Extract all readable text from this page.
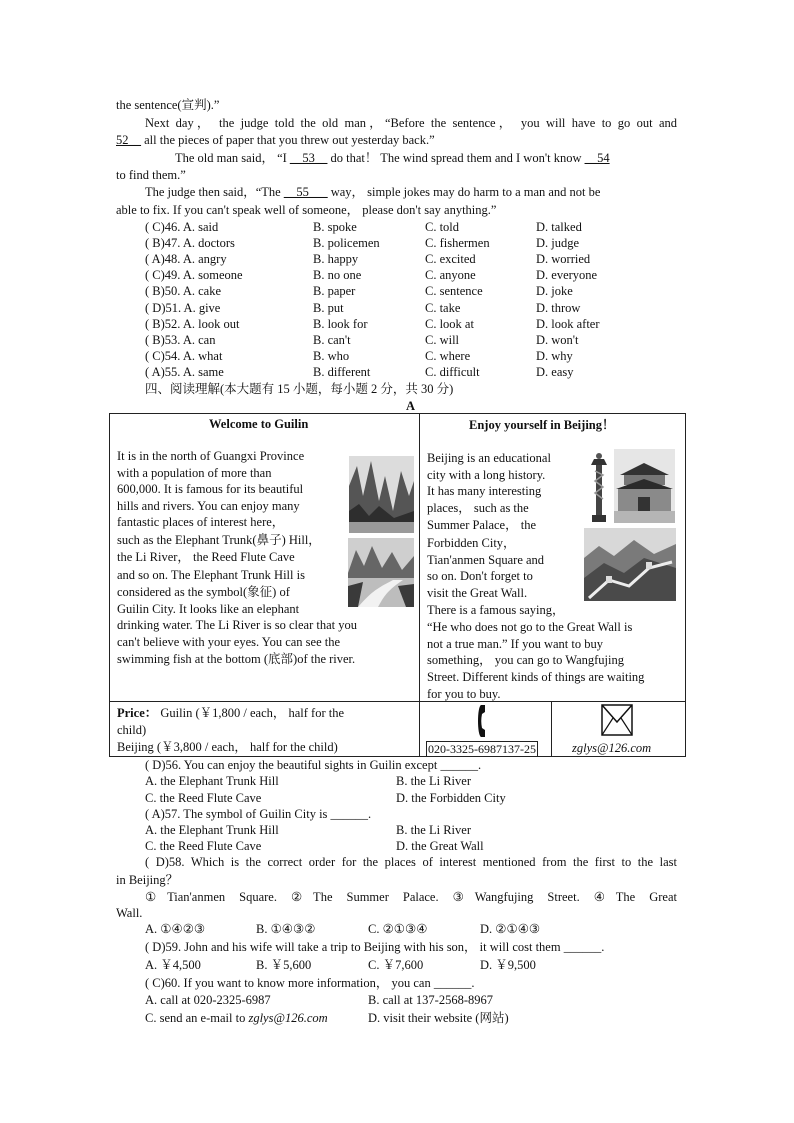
the sentence(宣判).”
Next day， the judge told the old man，“Before the sentence， you will have to go out and
52__ all the pieces of paper that you threw out yesterday back.”
The old man said， “I __53__ do that！ The wind spread them and I won't know __54
to find them.”
The judge then said，“The __55___ way， simple jokes may do harm to a man and not be
able to fix. If you can't speak well of someone， please don't say anything.”
( C)46. A. said	B. spoke	C. told	D. talked
( B)47. A. doctors	B. policemen	C. fishermen	D. judge
( A)48. A. angry	B. happy	C. excited	D. worried
( C)49. A. someone	B. no one	C. anyone	D. everyone
( B)50. A. cake	B. paper	C. sentence	D. joke
( D)51. A. give	B. put	C. take	D. throw
( B)52. A. look out	B. look for	C. look at	D. look after
( B)53. A. can	B. can't	C. will	D. won't
( C)54. A. what	B. who	C. where	D. why
( A)55. A. same	B. different	C. difficult	D. easy
四、阅读理解(本大题有 15 小题，每小题 2 分，共 30 分)
A
Welcome to Guilin
It is in the north of Guangxi Province
with a population of more than
600,000. It is famous for its beautiful
hills and rivers. You can enjoy many
fantastic places of interest here，
such as the Elephant Trunk(鼻子) Hill，
the Li River， the Reed Flute Cave
and so on. The Elephant Trunk Hill is
considered as the symbol(象征) of
Guilin City. It looks like an elephant
drinking water. The Li River is so clear that you
can't believe with your eyes. You can see the
swimming fish at the bottom (底部)of the river.
Enjoy yourself in Beijing！
Beijing is an educational
city with a long history.
It has many interesting
places， such as the
Summer Palace， the
Forbidden City，
Tian'anmen Square and
so on. Don't forget to
visit the Great Wall.
There is a famous saying，
“He who does not go to the Great Wall is
not a true man.” If you want to buy
something， you can go to Wangfujing
Street. Different kinds of things are waiting
for you to buy.
Price： Guilin (￥1,800 / each， half for the
child)
Beijing (￥3,800 / each， half for the child)	020-3325-6987137-25	zglys@126.com
( D)56. You can enjoy the beautiful sights in Guilin except ______.
A. the Elephant Trunk Hill	B. the Li River
C. the Reed Flute Cave	D. the Forbidden City
( A)57. The symbol of Guilin City is ______.
A. the Elephant Trunk Hill	B. the Li River
C. the Reed Flute Cave	D. the Great Wall
( D)58. Which is the correct order for the places of interest mentioned from the first to the last
in Beijing？
①Tian'anmen Square. ②The Summer Palace. ③Wangfujing Street. ④The Great
Wall.
A. ①④②③	B. ①④③②	C. ②①③④	D. ②①④③
( D)59. John and his wife will take a trip to Beijing with his son， it will cost them ______.
A. ￥4,500	B. ￥5,600	C. ￥7,600	D. ￥9,500
( C)60. If you want to know more information， you can ______.
A. call at 020-2325-6987	B. call at 137-2568-8967
C. send an e-mail to zglys@126.com	D. visit their website (网站)
